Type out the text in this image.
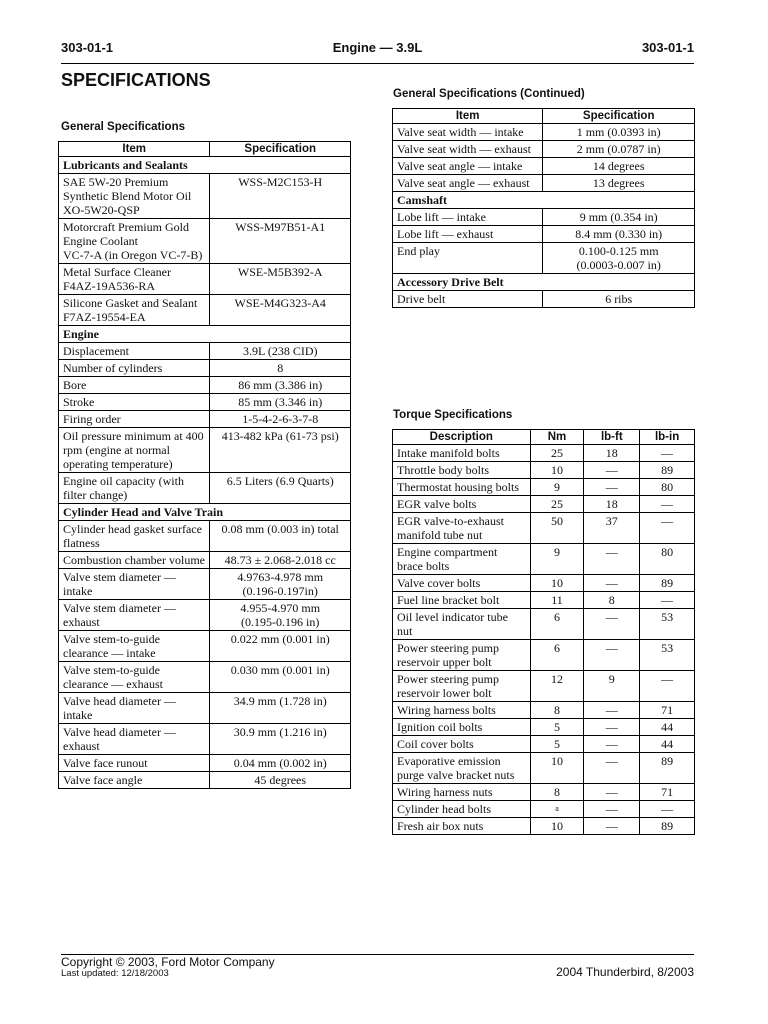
303-01-1	Engine — 3.9L	303-01-1
SPECIFICATIONS
General Specifications
Item	Specification
Lubricants and Sealants	
SAE 5W-20 Premium Synthetic Blend Motor Oil
XO-5W20-QSP	WSS-M2C153-H
Motorcraft Premium Gold Engine Coolant
VC-7-A (in Oregon VC-7-B)	WSS-M97B51-A1
Metal Surface Cleaner
F4AZ-19A536-RA	WSE-M5B392-A
Silicone Gasket and Sealant
F7AZ-19554-EA	WSE-M4G323-A4
Engine	
Displacement	3.9L (238 CID)
Number of cylinders	8
Bore	86 mm (3.386 in)
Stroke	85 mm (3.346 in)
Firing order	1-5-4-2-6-3-7-8
Oil pressure minimum at 400 rpm (engine at normal operating temperature)	413-482 kPa (61-73 psi)
Engine oil capacity (with filter change)	6.5 Liters (6.9 Quarts)
Cylinder Head and Valve Train	
Cylinder head gasket surface flatness	0.08 mm (0.003 in) total
Combustion chamber volume	48.73 ± 2.068-2.018 cc
Valve stem diameter — intake	4.9763-4.978 mm
(0.196-0.197in)
Valve stem diameter — exhaust	4.955-4.970 mm
(0.195-0.196 in)
Valve stem-to-guide clearance — intake	0.022 mm (0.001 in)
Valve stem-to-guide clearance — exhaust	0.030 mm (0.001 in)
Valve head diameter — intake	34.9 mm (1.728 in)
Valve head diameter — exhaust	30.9 mm (1.216 in)
Valve face runout	0.04 mm (0.002 in)
Valve face angle	45 degrees
General Specifications (Continued)
Item	Specification
Valve seat width — intake	1 mm (0.0393 in)
Valve seat width — exhaust	2 mm (0.0787 in)
Valve seat angle — intake	14 degrees
Valve seat angle — exhaust	13 degrees
Camshaft	
Lobe lift — intake	9 mm (0.354 in)
Lobe lift — exhaust	8.4 mm (0.330 in)
End play	0.100-0.125 mm
(0.0003-0.007 in)
Accessory Drive Belt	
Drive belt	6 ribs
Torque Specifications
Description	Nm	lb-ft	lb-in
Intake manifold bolts	25	18	—
Throttle body bolts	10	—	89
Thermostat housing bolts	9	—	80
EGR valve bolts	25	18	—
EGR valve-to-exhaust manifold tube nut	50	37	—
Engine compartment brace bolts	9	—	80
Valve cover bolts	10	—	89
Fuel line bracket bolt	11	8	—
Oil level indicator tube nut	6	—	53
Power steering pump reservoir upper bolt	6	—	53
Power steering pump reservoir lower bolt	12	9	—
Wiring harness bolts	8	—	71
Ignition coil bolts	5	—	44
Coil cover bolts	5	—	44
Evaporative emission purge valve bracket nuts	10	—	89
Wiring harness nuts	8	—	71
Cylinder head bolts	a	—	—
Fresh air box nuts	10	—	89
Copyright © 2003, Ford Motor Company
Last updated: 12/18/2003	2004 Thunderbird, 8/2003
